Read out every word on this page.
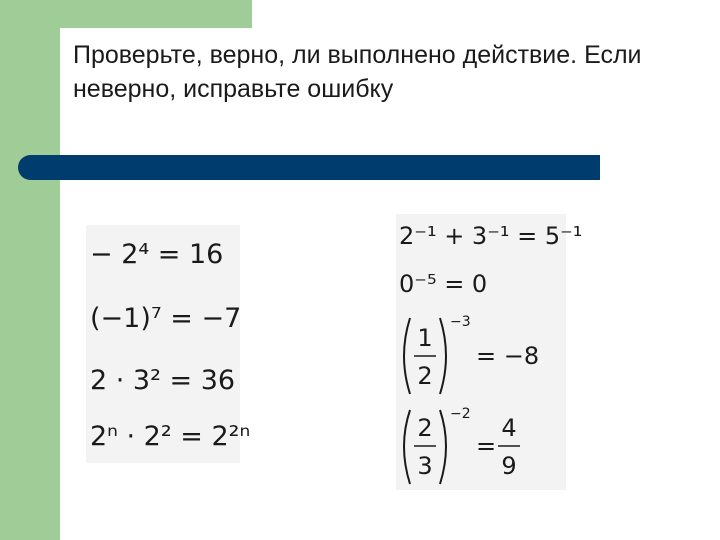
Проверьте, верно, ли выполнено действие. Если неверно, исправьте ошибку

− 2⁴ = 16
(−1)⁷ = −7
2 · 3² = 36
2ⁿ · 2² = 2²ⁿ
2⁻¹ + 3⁻¹ = 5⁻¹
0⁻⁵ = 0
1
2
−3
= −8
2
3
−2
=
4
9
